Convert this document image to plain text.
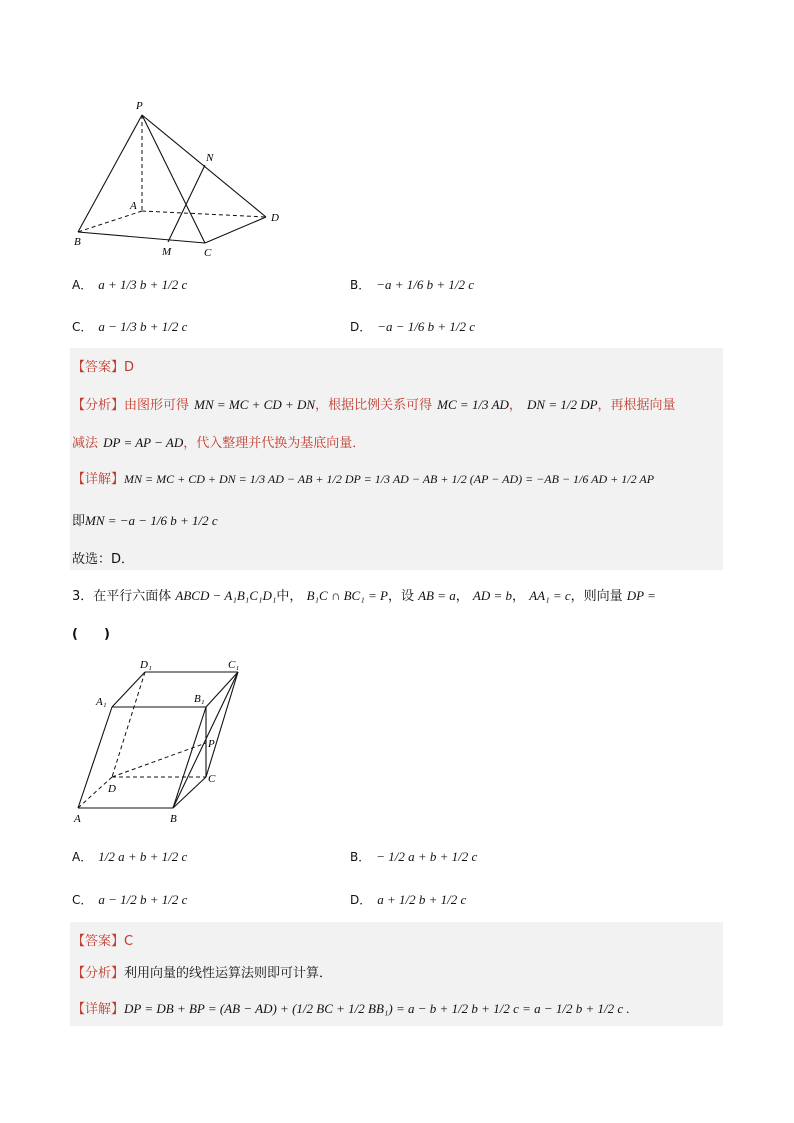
P
N
A
D
B
M	C
A． a + 1/3 b + 1/2 c	B． −a + 1/6 b + 1/2 c
C． a − 1/3 b + 1/2 c	D． −a − 1/6 b + 1/2 c
【答案】D
【分析】由图形可得 MN = MC + CD + DN，根据比例关系可得 MC = 1/3 AD， DN = 1/2 DP，再根据向量
减法 DP = AP − AD，代入整理并代换为基底向量．
【详解】MN = MC + CD + DN = 1/3 AD − AB + 1/2 DP = 1/3 AD − AB + 1/2 (AP − AD) = −AB − 1/6 AD + 1/2 AP
即MN = −a − 1/6 b + 1/2 c
故选：D．
3．在平行六面体 ABCD − A₁B₁C₁D₁中， B₁C ∩ BC₁ = P，设 AB = a， AD = b， AA₁ = c，则向量 DP =
(　　)
D₁	C₁
A₁	B₁
P
D
C
A	B
A． 1/2 a + b + 1/2 c	B． − 1/2 a + b + 1/2 c
C． a − 1/2 b + 1/2 c	D． a + 1/2 b + 1/2 c
【答案】C
【分析】利用向量的线性运算法则即可计算．
【详解】DP = DB + BP = (AB − AD) + (1/2 BC + 1/2 BB₁) = a − b + 1/2 b + 1/2 c = a − 1/2 b + 1/2 c .
